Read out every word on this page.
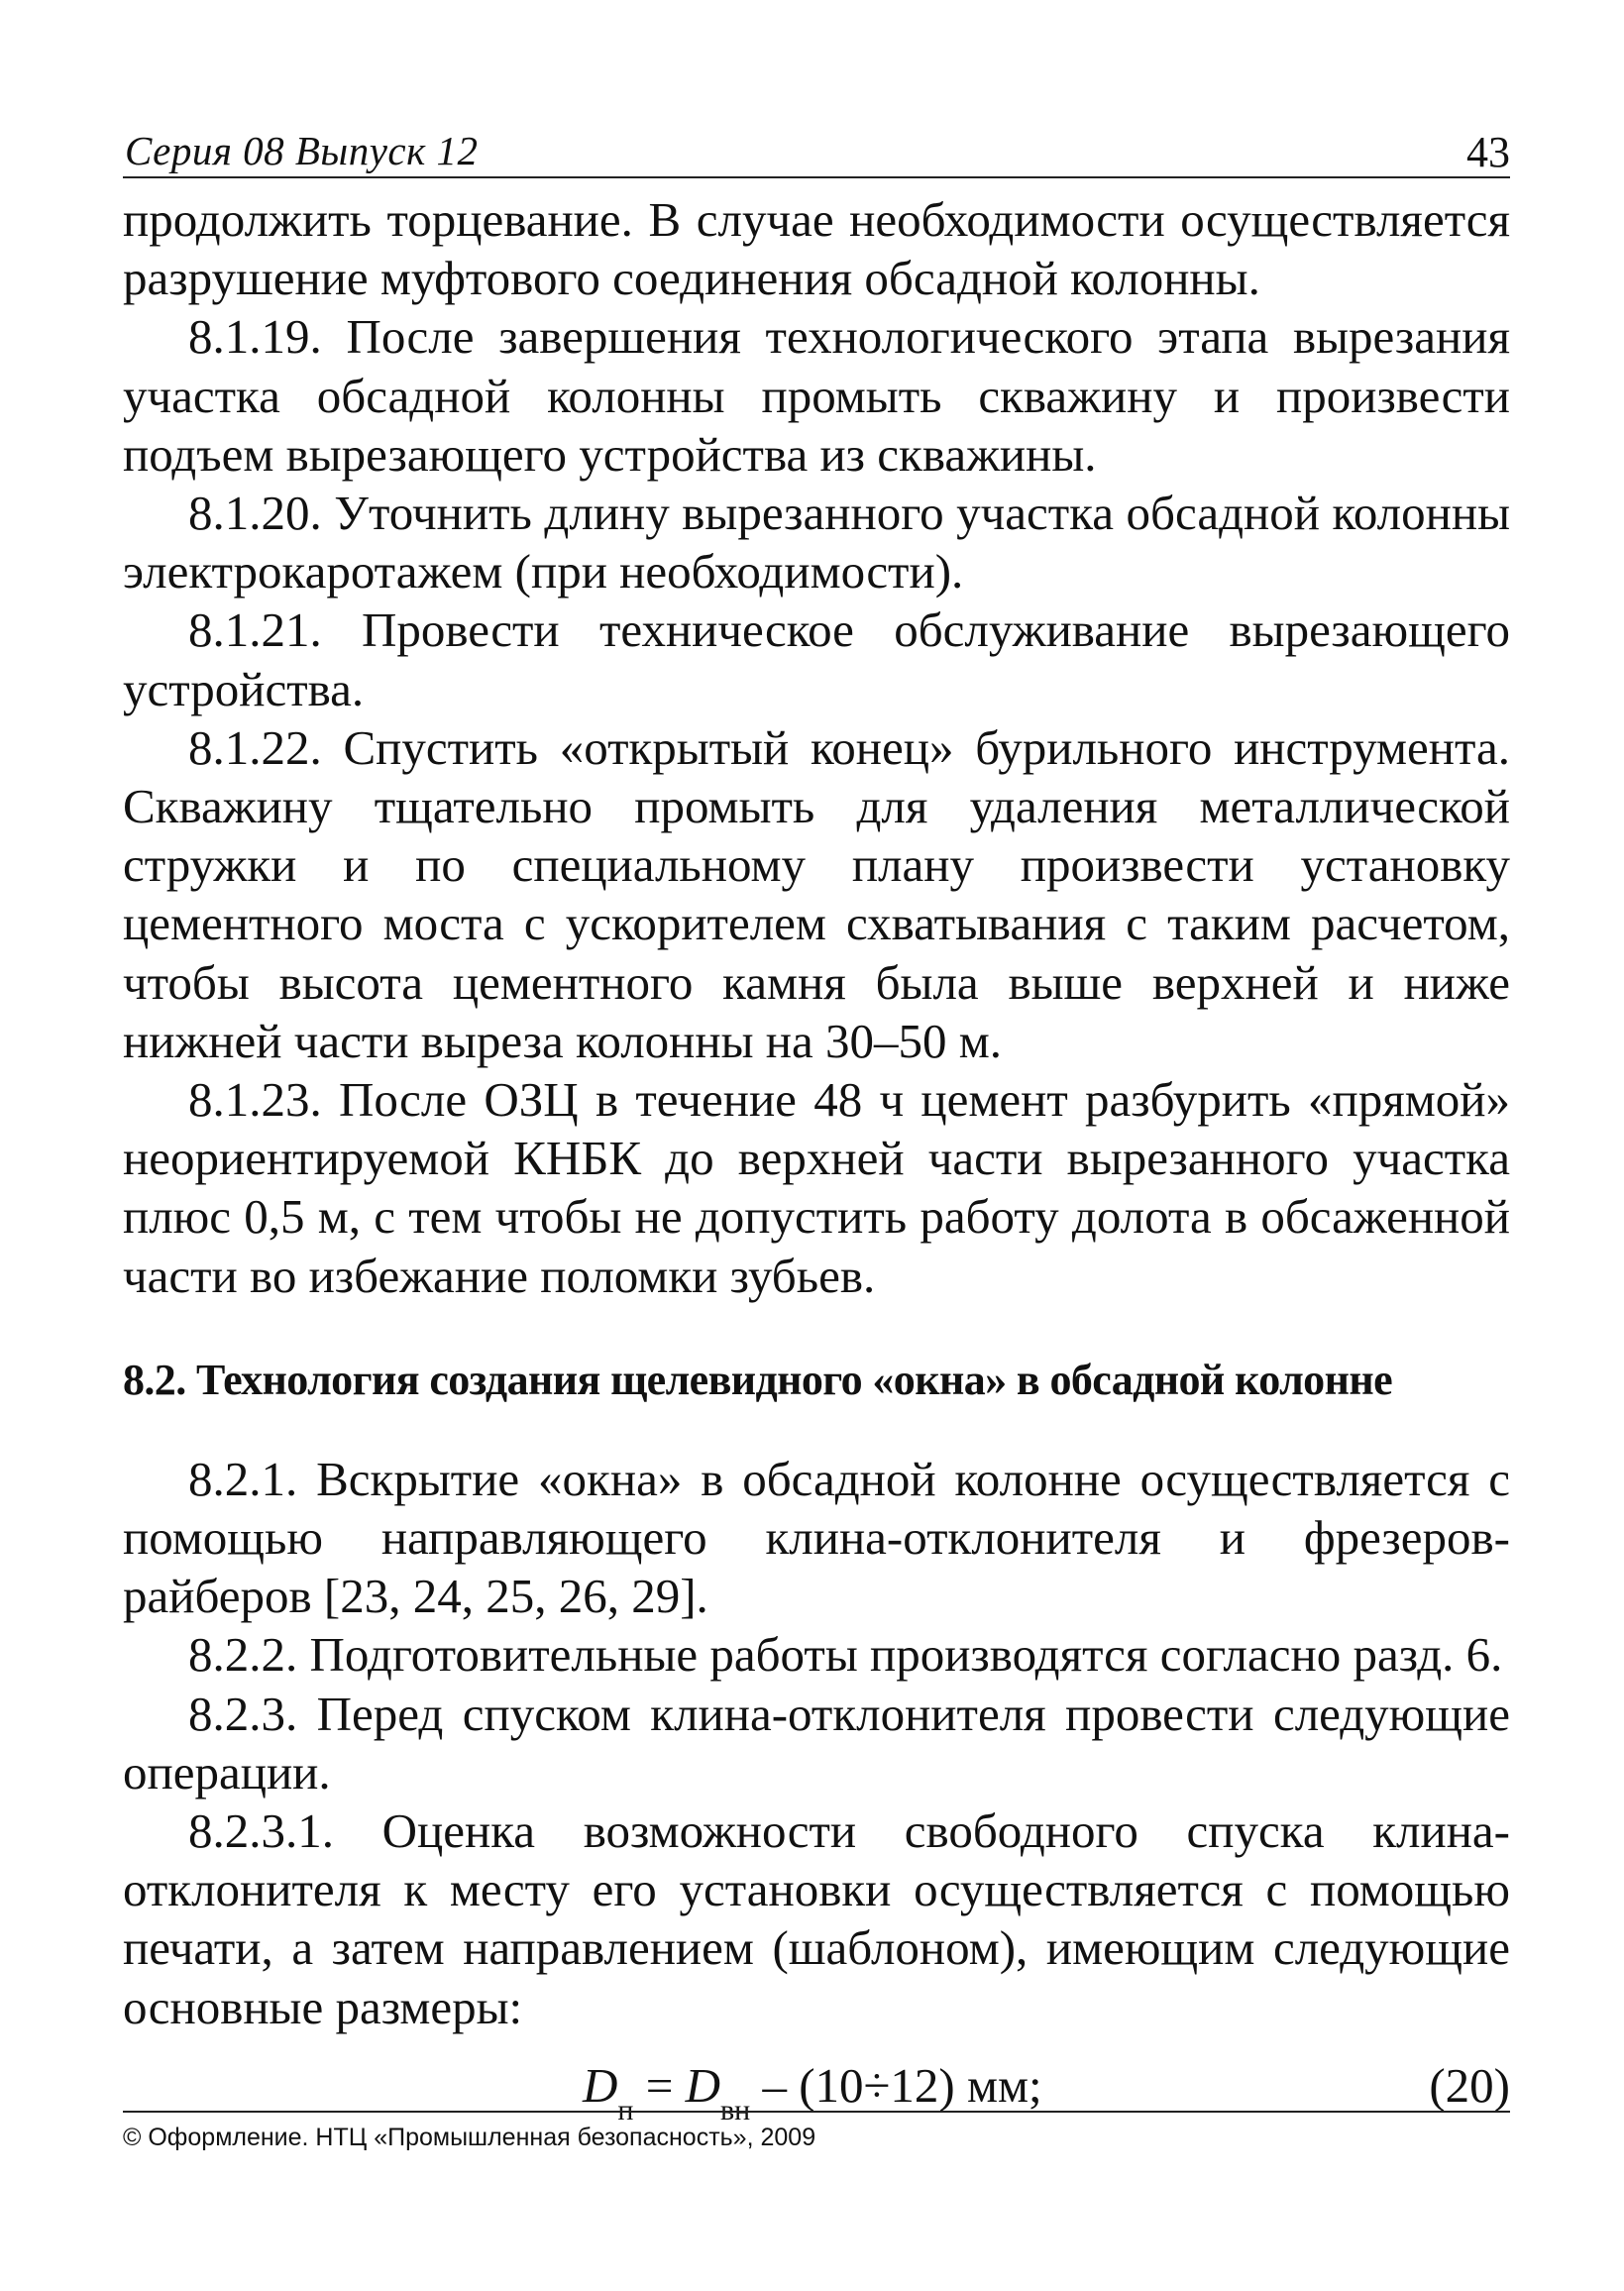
Серия 08 Выпуск 12	43

продолжить торцевание. В случае необходимости осуществляется разрушение муфтового соединения обсадной колонны.

8.1.19. После завершения технологического этапа вырезания участка обсадной колонны промыть скважину и произвести подъем вырезающего устройства из скважины.

8.1.20. Уточнить длину вырезанного участка обсадной колонны электрокаротажем (при необходимости).

8.1.21. Провести техническое обслуживание вырезающего устройства.

8.1.22. Спустить «открытый конец» бурильного инструмента. Скважину тщательно промыть для удаления металлической стружки и по специальному плану произвести установку цементного моста с ускорителем схватывания с таким расчетом, чтобы высота цементного камня была выше верхней и ниже нижней части выреза колонны на 30–50 м.

8.1.23. После ОЗЦ в течение 48 ч цемент разбурить «прямой» неориентируемой КНБК до верхней части вырезанного участка плюс 0,5 м, с тем чтобы не допустить работу долота в обсаженной части во избежание поломки зубьев.

8.2. Технология создания щелевидного «окна» в обсадной колонне

8.2.1. Вскрытие «окна» в обсадной колонне осуществляется с помощью направляющего клина-отклонителя и фрезеров-райберов [23, 24, 25, 26, 29].

8.2.2. Подготовительные работы производятся согласно разд. 6.

8.2.3. Перед спуском клина-отклонителя провести следующие операции.

8.2.3.1. Оценка возможности свободного спуска клина-отклонителя к месту его установки осуществляется с помощью печати, а затем направлением (шаблоном), имеющим следующие основные размеры:

$D_п = D_{вн} - (10\div 12)$ мм;	(20)
© Оформление. НТЦ «Промышленная безопасность», 2009
